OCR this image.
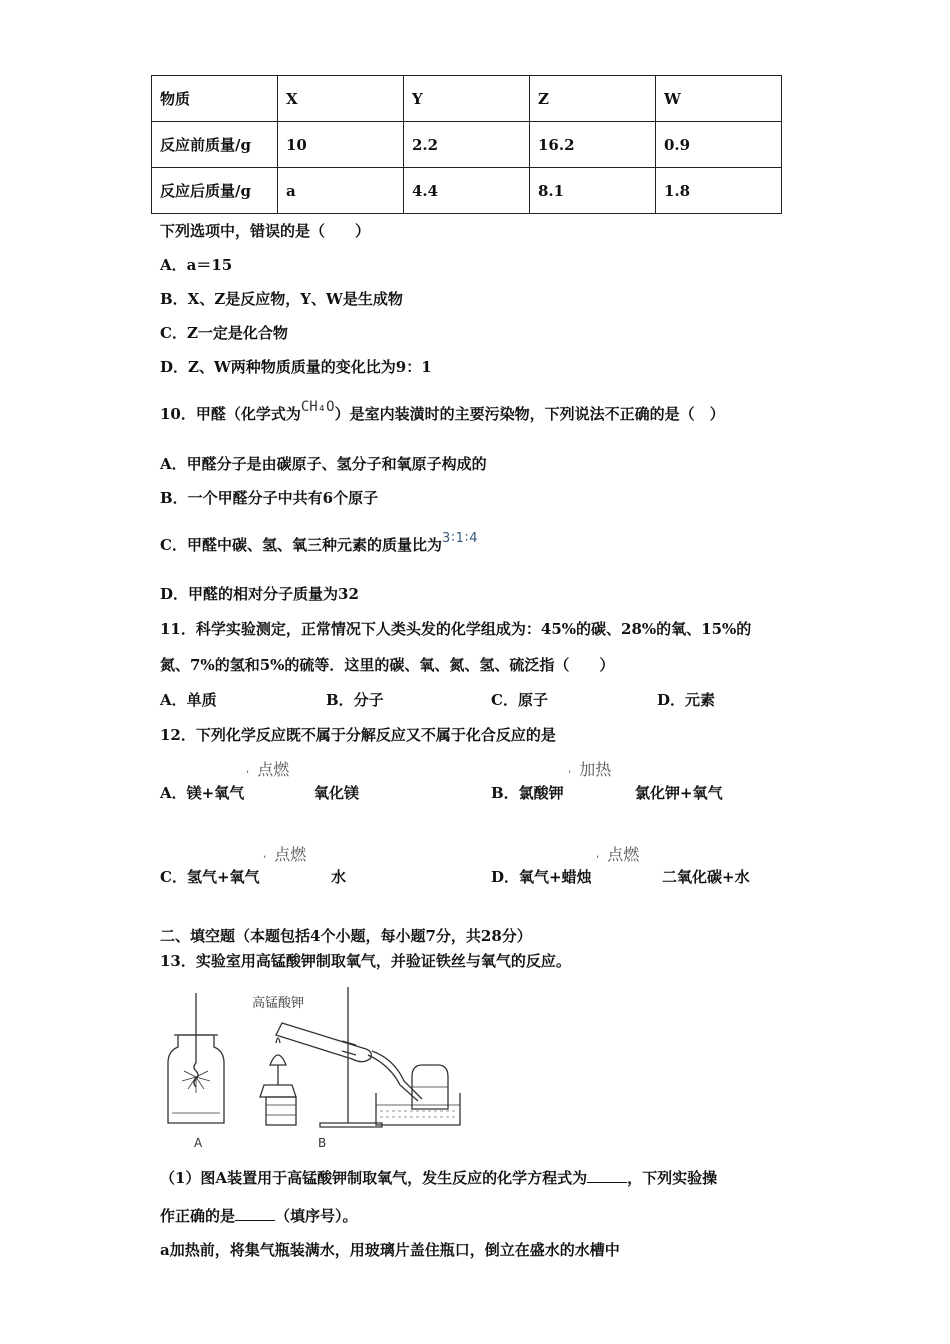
物质	X	Y	Z	W
反应前质量/g	10	2.2	16.2	0.9
反应后质量/g	a	4.4	8.1	1.8
下列选项中，错误的是（　　）
A．a＝15
B．X、Z是反应物，Y、W是生成物
C．Z一定是化合物
D．Z、W两种物质质量的变化比为9：1
10．甲醛（化学式为CH₄O）是室内装潢时的主要污染物，下列说法不正确的是（　）
A．甲醛分子是由碳原子、氢分子和氧原子构成的
B．一个甲醛分子中共有6个原子
C．甲醛中碳、氢、氧三种元素的质量比为3∶1∶4
D．甲醛的相对分子质量为32
11．科学实验测定，正常情况下人类头发的化学组成为：45%的碳、28%的氧、15%的
氮、7%的氢和5%的硫等．这里的碳、氧、氮、氢、硫泛指（　　）
A．单质	B．分子	C．原子	D．元素
12．下列化学反应既不属于分解反应又不属于化合反应的是
, 点燃
A．镁+氧气	氧化镁
, 加热
B．氯酸钾	氯化钾+氧气
, 点燃
C．氢气+氧气	水
, 点燃
D．氧气+蜡烛	二氧化碳+水
二、填空题（本题包括4个小题，每小题7分，共28分）
13．实验室用高锰酸钾制取氧气，并验证铁丝与氧气的反应。
高锰酸钾
A	B
（1）图A装置用于高锰酸钾制取氧气，发生反应的化学方程式为	，下列实验操
作正确的是	（填序号）。
a加热前，将集气瓶装满水，用玻璃片盖住瓶口，倒立在盛水的水槽中
